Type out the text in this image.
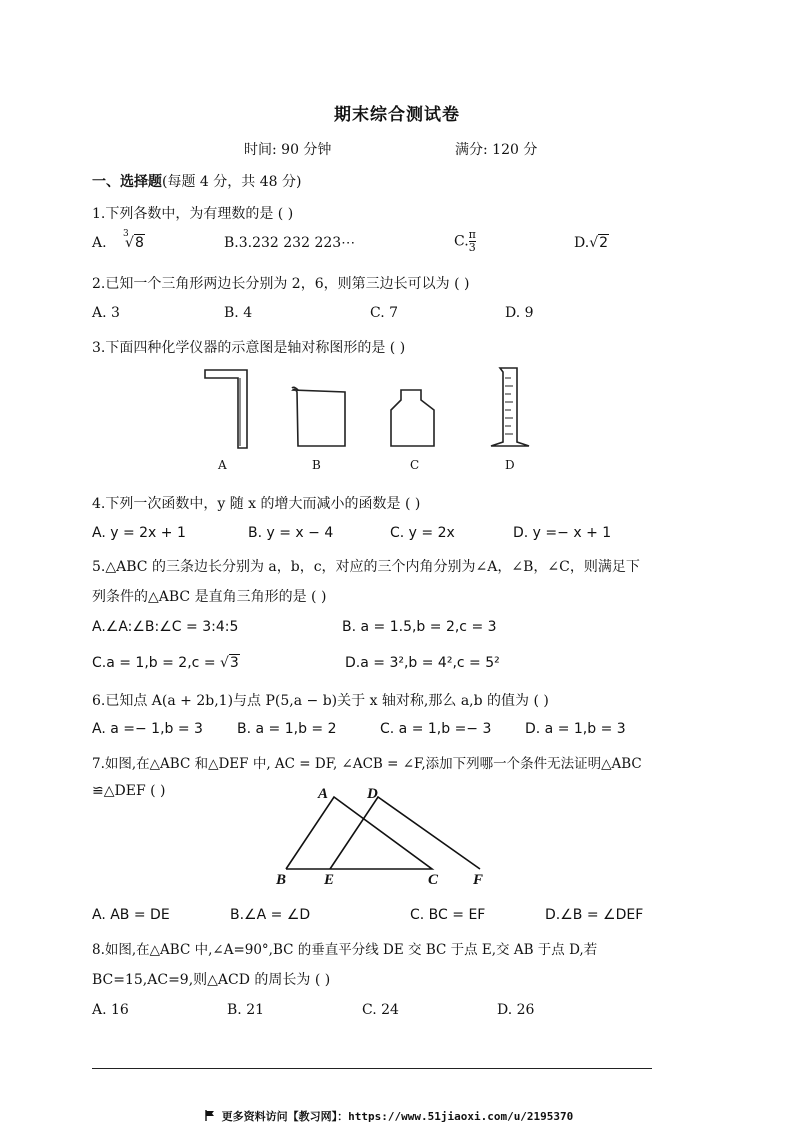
期末综合测试卷
时间: 90 分钟	满分: 120 分
一、选择题(每题 4 分，共 48 分)
1.下列各数中，为有理数的是 ( )
A.
3
√8	B.3.232 232 223⋯	C. $\frac{\pi}{3}$	D.√2
2.已知一个三角形两边长分别为 2，6，则第三边长可以为 ( )
A. 3	B. 4	C. 7	D. 9
3.下面四种化学仪器的示意图是轴对称图形的是 ( )
A	B	C	D
4.下列一次函数中，y 随 x 的增大而减小的函数是 ( )
A. y = 2x + 1	B. y = x − 4	C. y = 2x	D. y =− x + 1
5.△ABC 的三条边长分别为 a，b，c，对应的三个内角分别为∠A，∠B，∠C，则满足下
列条件的△ABC 是直角三角形的是 ( )
A.∠A:∠B:∠C = 3:4:5	B. a = 1.5,b = 2,c = 3
C.a = 1,b = 2,c = √3	D.a = 3²,b = 4²,c = 5²
6.已知点 A(a + 2b,1)与点 P(5,a − b)关于 x 轴对称,那么 a,b 的值为 ( )
A. a =− 1,b = 3 B. a = 1,b = 2	C. a = 1,b =− 3 D. a = 1,b = 3
7.如图,在△ABC 和△DEF 中, AC = DF, ∠ACB = ∠F,添加下列哪一个条件无法证明△ABC
≌△DEF ( )	A	D
B	E	C F
A. AB = DE	B.∠A = ∠D	C. BC = EF	D.∠B = ∠DEF
8.如图,在△ABC 中,∠A=90°,BC 的垂直平分线 DE 交 BC 于点 E,交 AB 于点 D,若
BC=15,AC=9,则△ACD 的周长为 ( )
A. 16	B. 21	C. 24	D. 26
更多资料访问【教习网】：https://www.51jiaoxi.com/u/2195370
